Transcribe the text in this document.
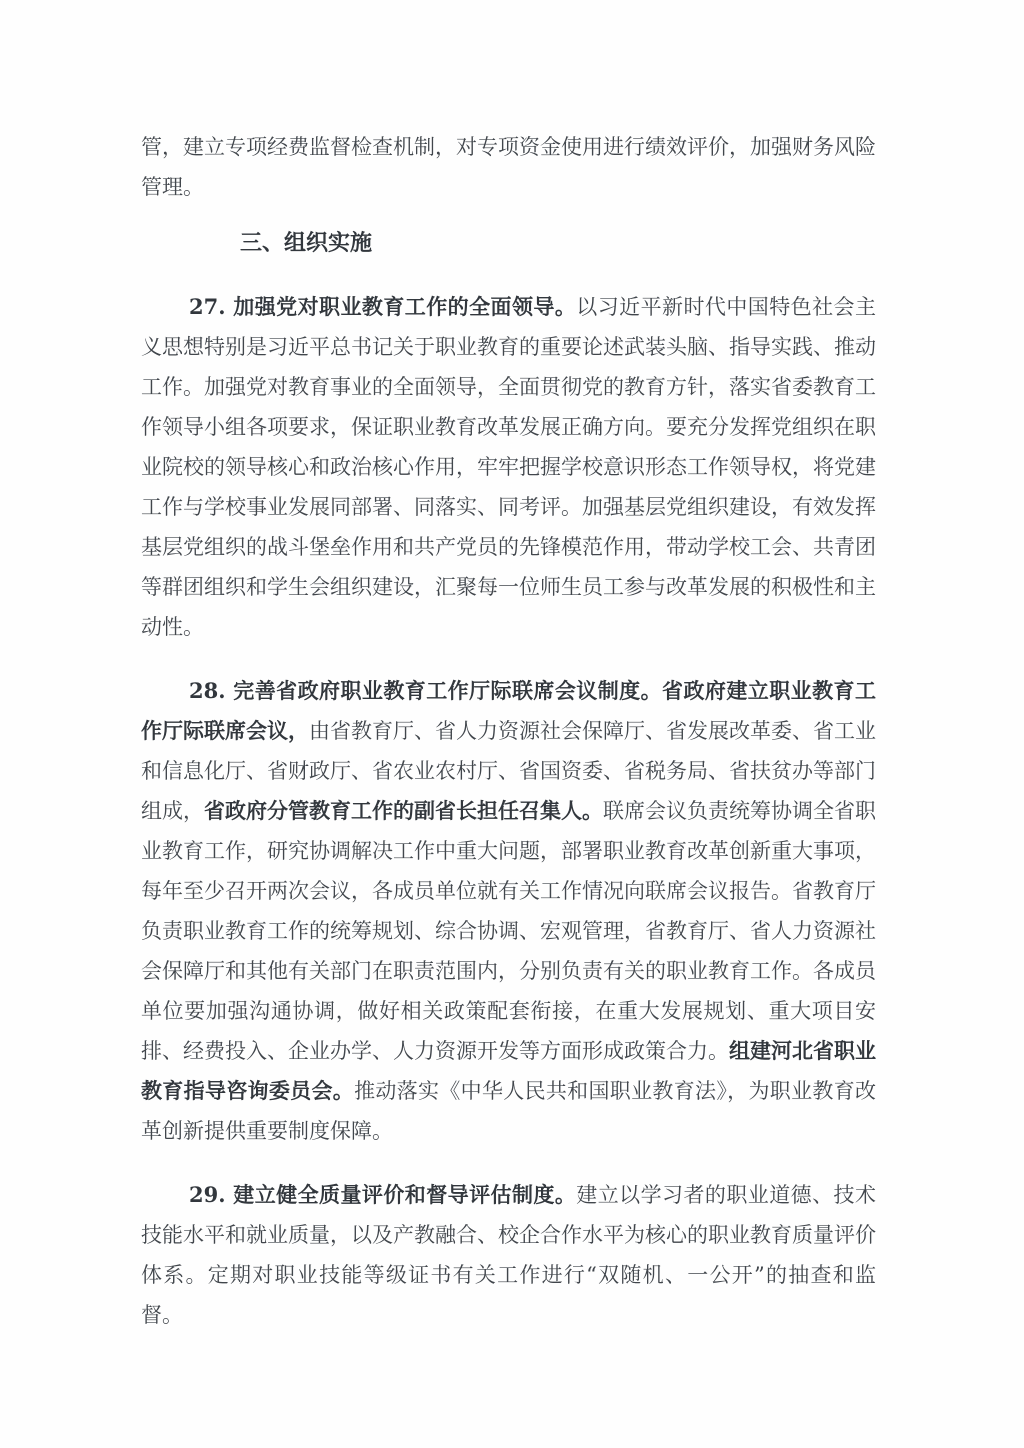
管，建立专项经费监督检查机制，对专项资金使用进行绩效评价，加强财务风险管理。

三、组织实施

27. 加强党对职业教育工作的全面领导。以习近平新时代中国特色社会主义思想特别是习近平总书记关于职业教育的重要论述武装头脑、指导实践、推动工作。加强党对教育事业的全面领导，全面贯彻党的教育方针，落实省委教育工作领导小组各项要求，保证职业教育改革发展正确方向。要充分发挥党组织在职业院校的领导核心和政治核心作用，牢牢把握学校意识形态工作领导权，将党建工作与学校事业发展同部署、同落实、同考评。加强基层党组织建设，有效发挥基层党组织的战斗堡垒作用和共产党员的先锋模范作用，带动学校工会、共青团等群团组织和学生会组织建设，汇聚每一位师生员工参与改革发展的积极性和主动性。

28. 完善省政府职业教育工作厅际联席会议制度。省政府建立职业教育工作厅际联席会议，由省教育厅、省人力资源社会保障厅、省发展改革委、省工业和信息化厅、省财政厅、省农业农村厅、省国资委、省税务局、省扶贫办等部门组成，省政府分管教育工作的副省长担任召集人。联席会议负责统筹协调全省职业教育工作，研究协调解决工作中重大问题，部署职业教育改革创新重大事项，每年至少召开两次会议，各成员单位就有关工作情况向联席会议报告。省教育厅负责职业教育工作的统筹规划、综合协调、宏观管理，省教育厅、省人力资源社会保障厅和其他有关部门在职责范围内，分别负责有关的职业教育工作。各成员单位要加强沟通协调，做好相关政策配套衔接，在重大发展规划、重大项目安排、经费投入、企业办学、人力资源开发等方面形成政策合力。组建河北省职业教育指导咨询委员会。推动落实《中华人民共和国职业教育法》，为职业教育改革创新提供重要制度保障。

29. 建立健全质量评价和督导评估制度。建立以学习者的职业道德、技术技能水平和就业质量，以及产教融合、校企合作水平为核心的职业教育质量评价体系。定期对职业技能等级证书有关工作进行“双随机、一公开”的抽查和监督。
